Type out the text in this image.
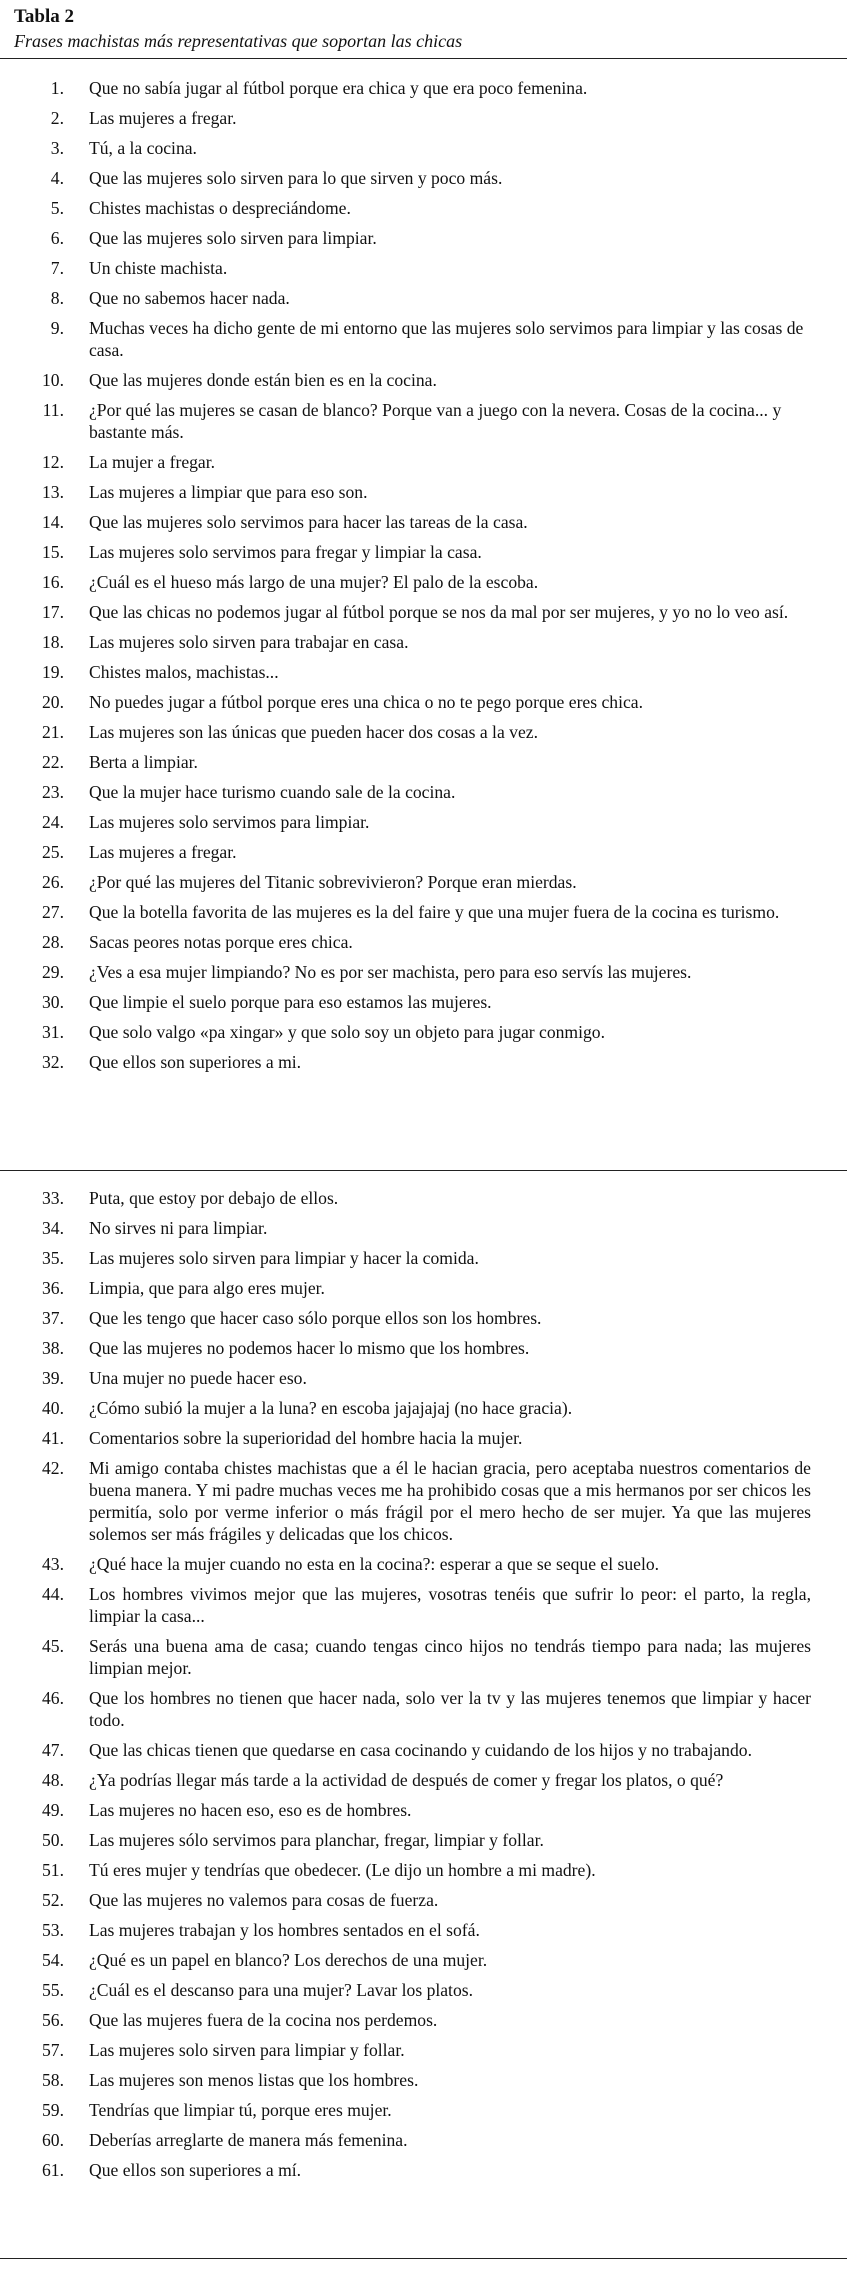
Tabla 2
Frases machistas más representativas que soportan las chicas
1. Que no sabía jugar al fútbol porque era chica y que era poco femenina.
2. Las mujeres a fregar.
3. Tú, a la cocina.
4. Que las mujeres solo sirven para lo que sirven y poco más.
5. Chistes machistas o despreciándome.
6. Que las mujeres solo sirven para limpiar.
7. Un chiste machista.
8. Que no sabemos hacer nada.
9. Muchas veces ha dicho gente de mi entorno que las mujeres solo servimos para limpiar y las cosas de casa.
10. Que las mujeres donde están bien es en la cocina.
11. ¿Por qué las mujeres se casan de blanco? Porque van a juego con la nevera. Cosas de la cocina... y bastante más.
12. La mujer a fregar.
13. Las mujeres a limpiar que para eso son.
14. Que las mujeres solo servimos para hacer las tareas de la casa.
15. Las mujeres solo servimos para fregar y limpiar la casa.
16. ¿Cuál es el hueso más largo de una mujer? El palo de la escoba.
17. Que las chicas no podemos jugar al fútbol porque se nos da mal por ser mujeres, y yo no lo veo así.
18. Las mujeres solo sirven para trabajar en casa.
19. Chistes malos, machistas...
20. No puedes jugar a fútbol porque eres una chica o no te pego porque eres chica.
21. Las mujeres son las únicas que pueden hacer dos cosas a la vez.
22. Berta a limpiar.
23. Que la mujer hace turismo cuando sale de la cocina.
24. Las mujeres solo servimos para limpiar.
25. Las mujeres a fregar.
26. ¿Por qué las mujeres del Titanic sobrevivieron? Porque eran mierdas.
27. Que la botella favorita de las mujeres es la del faire y que una mujer fuera de la cocina es turismo.
28. Sacas peores notas porque eres chica.
29. ¿Ves a esa mujer limpiando? No es por ser machista, pero para eso servís las mujeres.
30. Que limpie el suelo porque para eso estamos las mujeres.
31. Que solo valgo «pa xingar» y que solo soy un objeto para jugar conmigo.
32. Que ellos son superiores a mi.
33. Puta, que estoy por debajo de ellos.
34. No sirves ni para limpiar.
35. Las mujeres solo sirven para limpiar y hacer la comida.
36. Limpia, que para algo eres mujer.
37. Que les tengo que hacer caso sólo porque ellos son los hombres.
38. Que las mujeres no podemos hacer lo mismo que los hombres.
39. Una mujer no puede hacer eso.
40. ¿Cómo subió la mujer a la luna? en escoba jajajajaj (no hace gracia).
41. Comentarios sobre la superioridad del hombre hacia la mujer.
42. Mi amigo contaba chistes machistas que a él le hacian gracia, pero aceptaba nuestros comentarios de buena manera. Y mi padre muchas veces me ha prohibido cosas que a mis hermanos por ser chicos les permitía, solo por verme inferior o más frágil por el mero hecho de ser mujer. Ya que las mujeres solemos ser más frágiles y delicadas que los chicos.
43. ¿Qué hace la mujer cuando no esta en la cocina?: esperar a que se seque el suelo.
44. Los hombres vivimos mejor que las mujeres, vosotras tenéis que sufrir lo peor: el parto, la regla, limpiar la casa...
45. Serás una buena ama de casa; cuando tengas cinco hijos no tendrás tiempo para nada; las mujeres limpian mejor.
46. Que los hombres no tienen que hacer nada, solo ver la tv y las mujeres tenemos que limpiar y hacer todo.
47. Que las chicas tienen que quedarse en casa cocinando y cuidando de los hijos y no trabajando.
48. ¿Ya podrías llegar más tarde a la actividad de después de comer y fregar los platos, o qué?
49. Las mujeres no hacen eso, eso es de hombres.
50. Las mujeres sólo servimos para planchar, fregar, limpiar y follar.
51. Tú eres mujer y tendrías que obedecer. (Le dijo un hombre a mi madre).
52. Que las mujeres no valemos para cosas de fuerza.
53. Las mujeres trabajan y los hombres sentados en el sofá.
54. ¿Qué es un papel en blanco? Los derechos de una mujer.
55. ¿Cuál es el descanso para una mujer? Lavar los platos.
56. Que las mujeres fuera de la cocina nos perdemos.
57. Las mujeres solo sirven para limpiar y follar.
58. Las mujeres son menos listas que los hombres.
59. Tendrías que limpiar tú, porque eres mujer.
60. Deberías arreglarte de manera más femenina.
61. Que ellos son superiores a mí.
